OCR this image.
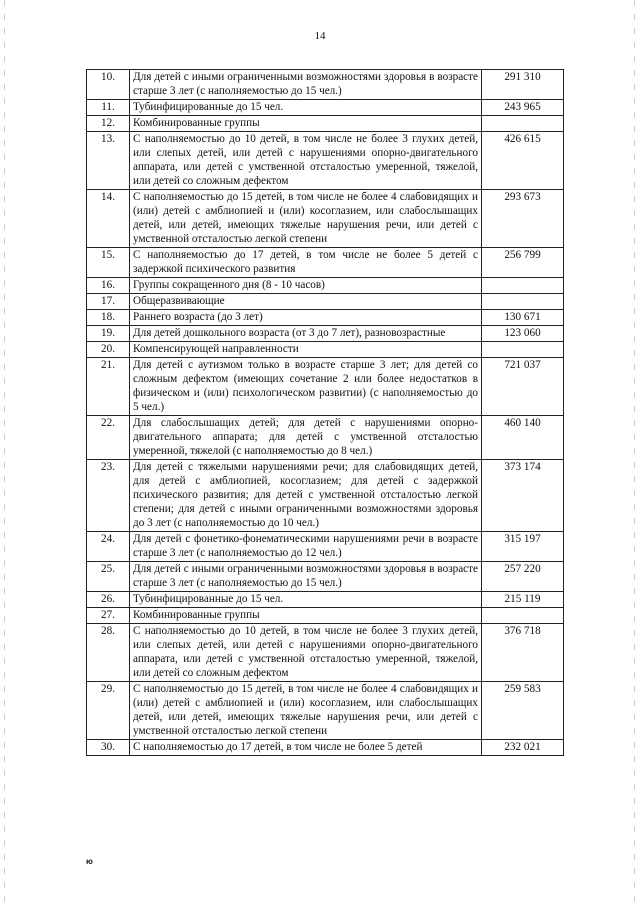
14
10.	Для детей с иными ограниченными возможностями здоровья в возрасте старше 3 лет (с наполняемостью до 15 чел.)	291 310
11.	Тубинфицированные до 15 чел.	243 965
12.	Комбинированные группы	
13.	С наполняемостью до 10 детей, в том числе не более 3 глухих детей, или слепых детей, или детей с нарушениями опорно-двигательного аппарата, или детей с умственной отсталостью умеренной, тяжелой, или детей со сложным дефектом	426 615
14.	С наполняемостью до 15 детей, в том числе не более 4 слабовидящих и (или) детей с амблиопией и (или) косоглазием, или слабослышащих детей, или детей, имеющих тяжелые нарушения речи, или детей с умственной отсталостью легкой степени	293 673
15.	С наполняемостью до 17 детей, в том числе не более 5 детей с задержкой психического развития	256 799
16.	Группы сокращенного дня (8 - 10 часов)	
17.	Общеразвивающие	
18.	Раннего возраста (до 3 лет)	130 671
19.	Для детей дошкольного возраста (от 3 до 7 лет), разновозрастные	123 060
20.	Компенсирующей направленности	
21.	Для детей с аутизмом только в возрасте старше 3 лет; для детей со сложным дефектом (имеющих сочетание 2 или более недостатков в физическом и (или) психологическом развитии) (с наполняемостью до 5 чел.)	721 037
22.	Для слабослышащих детей; для детей с нарушениями опорно-двигательного аппарата; для детей с умственной отсталостью умеренной, тяжелой (с наполняемостью до 8 чел.)	460 140
23.	Для детей с тяжелыми нарушениями речи; для слабовидящих детей, для детей с амблиопией, косоглазием; для детей с задержкой психического развития; для детей с умственной отсталостью легкой степени; для детей с иными ограниченными возможностями здоровья до 3 лет (с наполняемостью до 10 чел.)	373 174
24.	Для детей с фонетико-фонематическими нарушениями речи в возрасте старше 3 лет (с наполняемостью до 12 чел.)	315 197
25.	Для детей с иными ограниченными возможностями здоровья в возрасте старше 3 лет (с наполняемостью до 15 чел.)	257 220
26.	Тубинфицированные до 15 чел.	215 119
27.	Комбинированные группы	
28.	С наполняемостью до 10 детей, в том числе не более 3 глухих детей, или слепых детей, или детей с нарушениями опорно-двигательного аппарата, или детей с умственной отсталостью умеренной, тяжелой, или детей со сложным дефектом	376 718
29.	С наполняемостью до 15 детей, в том числе не более 4 слабовидящих и (или) детей с амблиопией и (или) косоглазием, или слабослышащих детей, или детей, имеющих тяжелые нарушения речи, или детей с умственной отсталостью легкой степени	259 583
30.	С наполняемостью до 17 детей, в том числе не более 5 детей	232 021
ю
